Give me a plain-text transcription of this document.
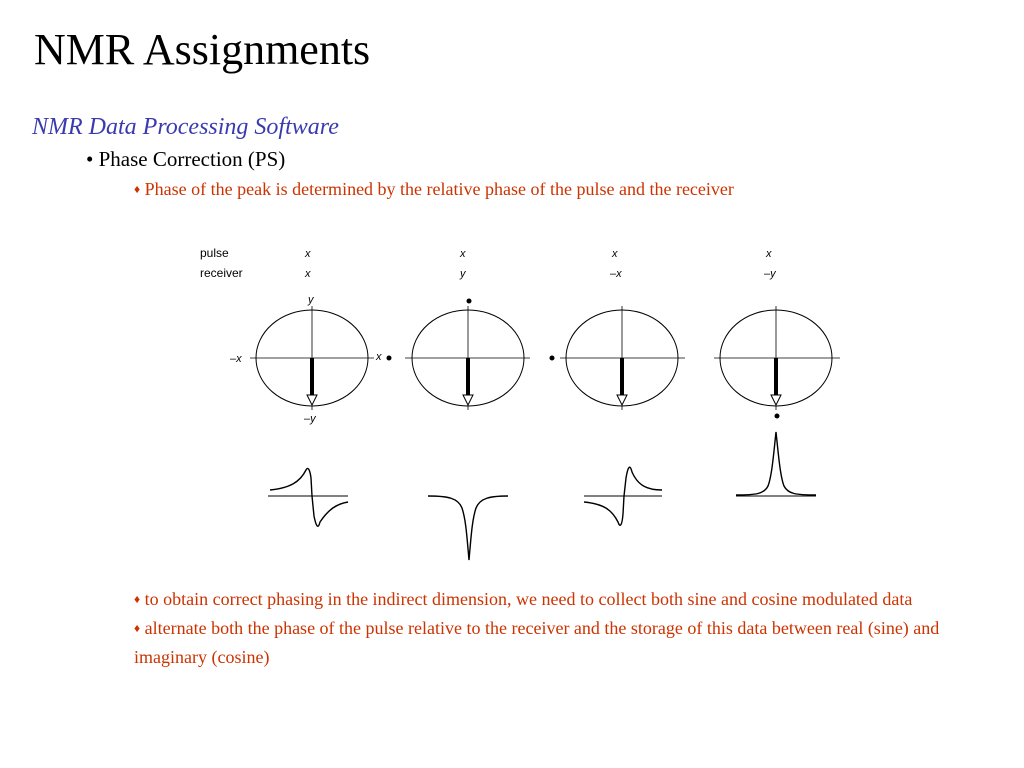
NMR Assignments
NMR Data Processing Software
• Phase Correction (PS)
♦ Phase of the peak is determined by the relative phase of the pulse and the receiver
pulse
receiver
x
x
x
y
x
–x
x
–y
y
–y
–x	x
♦ to obtain correct phasing in the indirect dimension, we need to collect both sine and cosine modulated data
♦ alternate both the phase of the pulse relative to the receiver and the storage of this data between real (sine) and imaginary (cosine)
